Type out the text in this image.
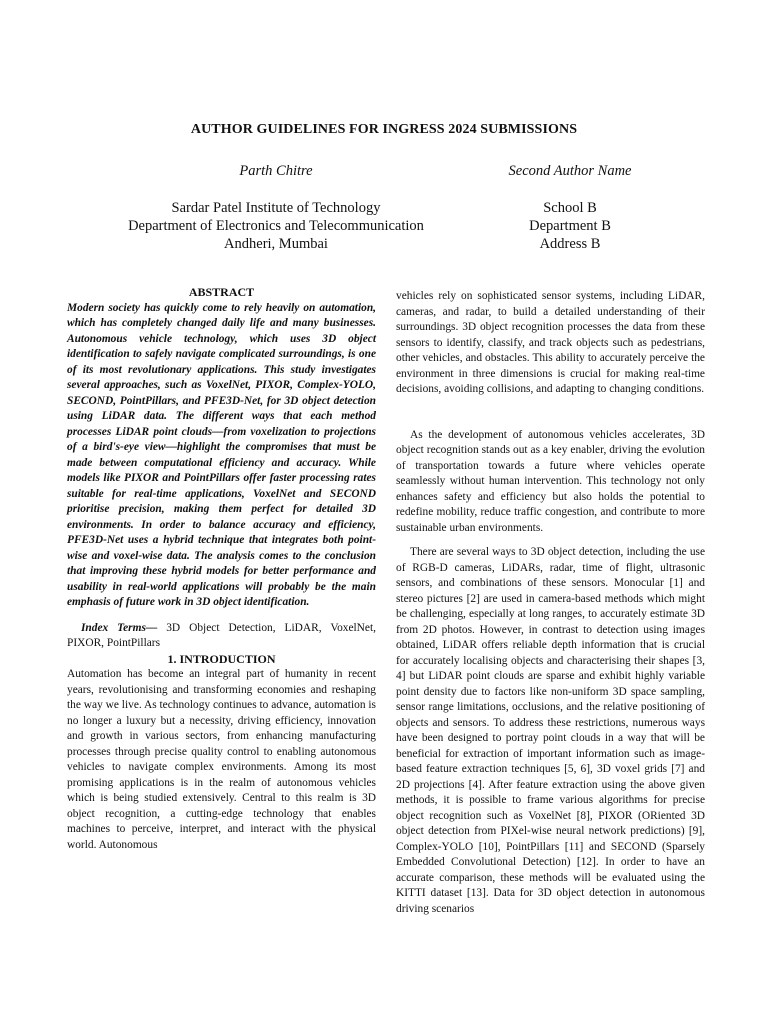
AUTHOR GUIDELINES FOR INGRESS 2024 SUBMISSIONS
Parth Chitre	Second Author Name
Sardar Patel Institute of Technology
Department of Electronics and Telecommunication
Andheri, Mumbai
School B
Department B
Address B

ABSTRACT

Modern society has quickly come to rely heavily on automation, which has completely changed daily life and many businesses. Autonomous vehicle technology, which uses 3D object identification to safely navigate complicated surroundings, is one of its most revolutionary applications. This study investigates several approaches, such as VoxelNet, PIXOR, Complex-YOLO, SECOND, PointPillars, and PFE3D-Net, for 3D object detection using LiDAR data. The different ways that each method processes LiDAR point clouds—from voxelization to projections of a bird's-eye view—highlight the compromises that must be made between computational efficiency and accuracy. While models like PIXOR and PointPillars offer faster processing rates suitable for real-time applications, VoxelNet and SECOND prioritise precision, making them perfect for detailed 3D environments. In order to balance accuracy and efficiency, PFE3D-Net uses a hybrid technique that integrates both point-wise and voxel-wise data. The analysis comes to the conclusion that improving these hybrid models for better performance and usability in real-world applications will probably be the main emphasis of future work in 3D object identification.

Index Terms— 3D Object Detection, LiDAR, VoxelNet, PIXOR, PointPillars

1. INTRODUCTION

Automation has become an integral part of humanity in recent years, revolutionising and transforming economies and reshaping the way we live. As technology continues to advance, automation is no longer a luxury but a necessity, driving efficiency, innovation and growth in various sectors, from enhancing manufacturing processes through precise quality control to enabling autonomous vehicles to navigate complex environments. Among its most promising applications is in the realm of autonomous vehicles which is being studied extensively. Central to this realm is 3D object recognition, a cutting-edge technology that enables machines to perceive, interpret, and interact with the physical world. Autonomous

vehicles rely on sophisticated sensor systems, including LiDAR, cameras, and radar, to build a detailed understanding of their surroundings. 3D object recognition processes the data from these sensors to identify, classify, and track objects such as pedestrians, other vehicles, and obstacles. This ability to accurately perceive the environment in three dimensions is crucial for making real-time decisions, avoiding collisions, and adapting to changing conditions.

As the development of autonomous vehicles accelerates, 3D object recognition stands out as a key enabler, driving the evolution of transportation towards a future where vehicles operate seamlessly without human intervention. This technology not only enhances safety and efficiency but also holds the potential to redefine mobility, reduce traffic congestion, and contribute to more sustainable urban environments.

There are several ways to 3D object detection, including the use of RGB-D cameras, LiDARs, radar, time of flight, ultrasonic sensors, and combinations of these sensors. Monocular [1] and stereo pictures [2] are used in camera-based methods which might be challenging, especially at long ranges, to accurately estimate 3D from 2D photos. However, in contrast to detection using images obtained, LiDAR offers reliable depth information that is crucial for accurately localising objects and characterising their shapes [3, 4] but LiDAR point clouds are sparse and exhibit highly variable point density due to factors like non-uniform 3D space sampling, sensor range limitations, occlusions, and the relative positioning of objects and sensors. To address these restrictions, numerous ways have been designed to portray point clouds in a way that will be beneficial for extraction of important information such as image-based feature extraction techniques [5, 6], 3D voxel grids [7] and 2D projections [4]. After feature extraction using the above given methods, it is possible to frame various algorithms for precise object recognition such as VoxelNet [8], PIXOR (ORiented 3D object detection from PIXel-wise neural network predictions) [9], Complex-YOLO [10], PointPillars [11] and SECOND (Sparsely Embedded Convolutional Detection) [12]. In order to have an accurate comparison, these methods will be evaluated using the KITTI dataset [13]. Data for 3D object detection in autonomous driving scenarios
